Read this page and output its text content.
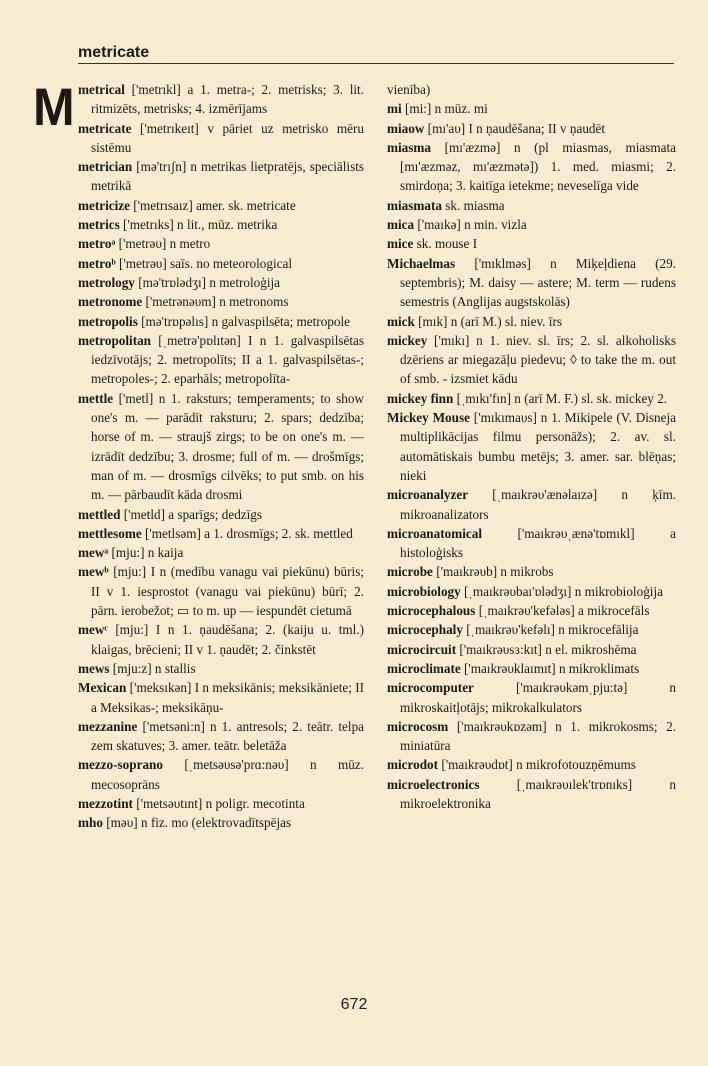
metricate
M metrical ['metrıkl] a 1. metra-; 2. metrisks; 3. lit. ritmizēts, metrisks; 4. izmērījams

metricate ['metrıkeıt] v pāriet uz metrisko mēru sistēmu

metrician [mə'trıʃn] n metrikas lietpratējs, speciālists metrikā

metricize ['metrısaız] amer. sk. metricate

metrics ['metrıks] n lit., mūz. metrika

metroᵃ ['metrəυ] n metro

metroᵇ ['metrəυ] saīs. no meteorological

metrology [mə'trɒlədʒı] n metroloģija

metronome ['metrənəυm] n metronoms

metropolis [mə'trɒpəlıs] n galvaspilsēta; metropole

metropolitan [ˌmetrə'pɒlıtən] I n 1. galvaspilsētas iedzīvotājs; 2. metropolīts; II a 1. galvaspilsētas-; metropoles-; 2. eparhāls; metropolīta-

mettle ['metl] n 1. raksturs; temperaments; to show one's m. — parādīt raksturu; 2. spars; dedzība; horse of m. — straujš zirgs; to be on one's m. — izrādīt dedzību; 3. drosme; full of m. — drošmīgs; man of m. — drosmīgs cilvēks; to put smb. on his m. — pārbaudīt kāda drosmi

mettled ['metld] a sparīgs; dedzīgs

mettlesome ['metlsəm] a 1. drosmīgs; 2. sk. mettled

mewᵃ [mju:] n kaija

mewᵇ [mju:] I n (medību vanagu vai piekūnu) būris; II v 1. iesprostot (vanagu vai piekūnu) būrī; 2. pārn. ierobežot; ▭ to m. up — iespundēt cietumā

mewᶜ [mju:] I n 1. ņaudēšana; 2. (kaiju u. tml.) klaigas, brēcieni; II v 1. ņaudēt; 2. činkstēt

mews [mju:z] n stallis

Mexican ['meksıkən] I n meksikānis; meksikāniete; II a Meksikas-; meksikāņu-

mezzanine ['metsəni:n] n 1. antresols; 2. teātr. telpa zem skatuves; 3. amer. teātr. beletāža

mezzo-soprano [ˌmetsəυsə'prɑ:nəυ] n mūz. mecosoprāns

mezzotint ['metsəυtınt] n poligr. mecotinta

mho [məυ] n fiz. mo (elektrovadītspējas

vienība)

mi [mi:] n mūz. mi

miaow [mı'aυ] I n ņaudēšana; II v ņaudēt

miasma [mı'æzmə] n (pl miasmas, miasmata [mı'æzməz, mı'æzmətə]) 1. med. miasmi; 2. smirdoņa; 3. kaitīga ietekme; neveselīga vide

miasmata sk. miasma

mica ['maıkə] n min. vizla

mice sk. mouse I

Michaelmas ['mıklməs] n Miķeļdiena (29. septembris); M. daisy — astere; M. term — rudens semestris (Anglijas augstskolās)

mick [mık] n (arī M.) sl. niev. īrs

mickey ['mıkı] n 1. niev. sl. īrs; 2. sl. alkoholisks dzēriens ar miegazāļu piedevu; ◊ to take the m. out of smb. - izsmiet kādu

mickey finn [ˌmıkı'fın] n (arī M. F.) sl. sk. mickey 2.

Mickey Mouse ['mıkımaυs] n 1. Mikipele (V. Disneja multiplikācijas filmu personāžs); 2. av. sl. automātiskais bumbu metējs; 3. amer. sar. blēņas; nieki

microanalyzer [ˌmaıkrəυ'ænəlaızə] n ķīm. mikroanalizators

microanatomical	['maıkrəυˌænə'tɒmıkl]	a histoloģisks

microbe ['maıkrəυb] n mikrobs

microbiology [ˌmaıkrəυbaı'ɒlədʒı] n mikrobioloģija

microcephalous [ˌmaıkrəυ'kefələs] a mikrocefāls

microcephaly [ˌmaıkrəυ'kefəlı] n mikrocefālija

microcircuit ['maıkrəυsɜ:kıt] n el. mikroshēma

microclimate ['maıkrəυklaımıt] n mikroklimats

microcomputer	['maıkrəυkəmˌpju:tə]	n mikroskaitļotājs; mikrokalkulators

microcosm ['maıkrəυkɒzəm] n 1. mikrokosms; 2. miniatūra

microdot ['maıkrəυdɒt] n mikrofotouzņēmums

microelectronics	[ˌmaıkrəυılek'trɒnıks]	n mikroelektronika

672
